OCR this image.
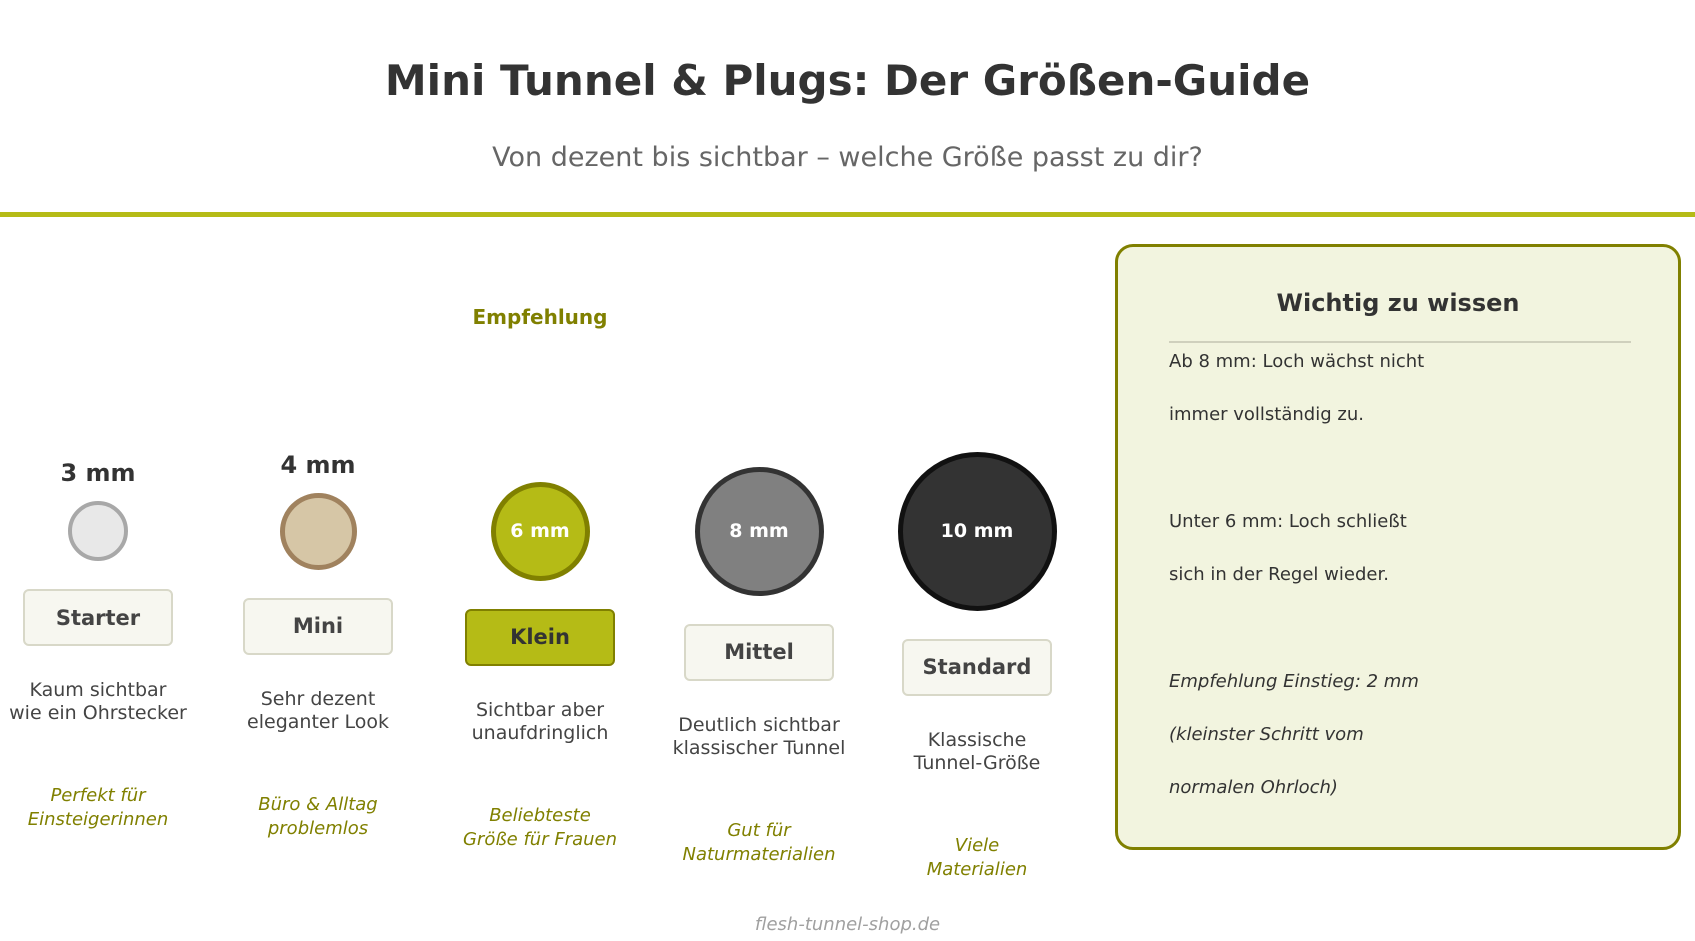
Mini Tunnel & Plugs: Der Größen-Guide
Von dezent bis sichtbar – welche Größe passt zu dir?
3 mm
Starter
Kaum sichtbar
wie ein Ohrstecker
Perfekt für
Einsteigerinnen
4 mm
Mini
Sehr dezent
eleganter Look
Büro & Alltag
problemlos
Empfehlung
6 mm
Klein
Sichtbar aber
unaufdringlich
Beliebteste
Größe für Frauen
8 mm
Mittel
Deutlich sichtbar
klassischer Tunnel
Gut für
Naturmaterialien
10 mm
Standard
Klassische
Tunnel-Größe
Viele
Materialien
Wichtig zu wissen
Ab 8 mm: Loch wächst nicht
immer vollständig zu.
Unter 6 mm: Loch schließt
sich in der Regel wieder.
Empfehlung Einstieg: 2 mm
(kleinster Schritt vom
normalen Ohrloch)
flesh-tunnel-shop.de
